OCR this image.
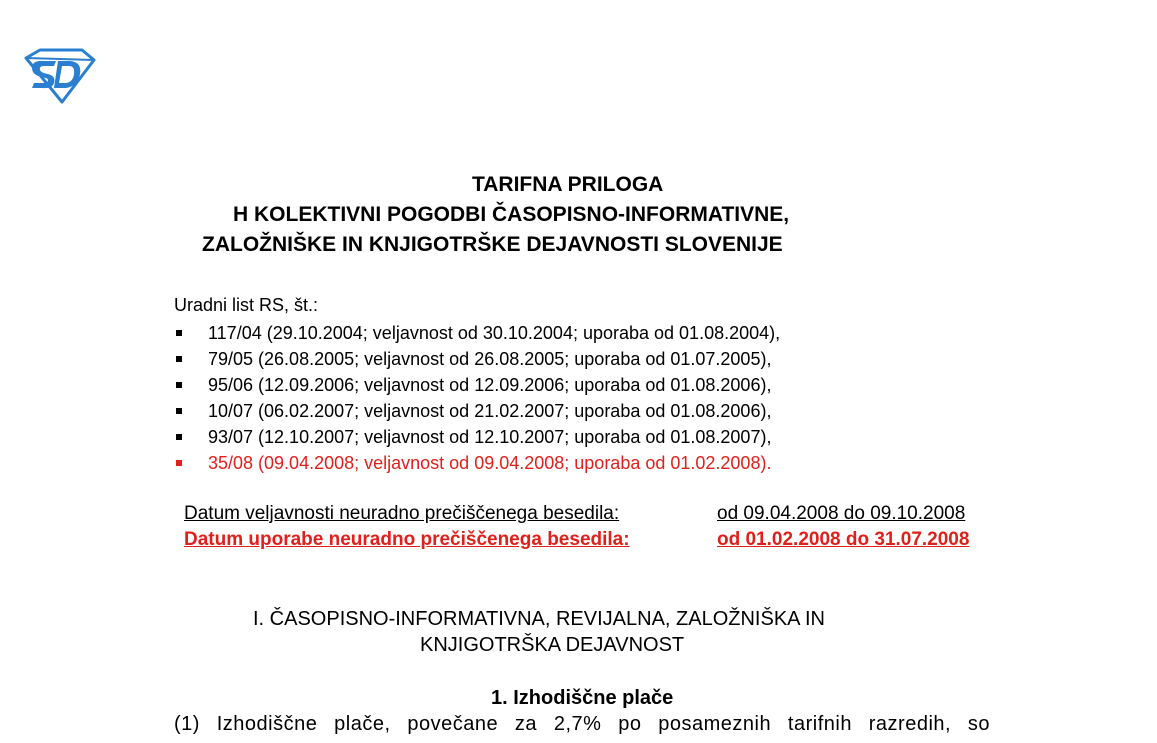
TARIFNA PRILOGA
H KOLEKTIVNI POGODBI ČASOPISNO-INFORMATIVNE,
ZALOŽNIŠKE IN KNJIGOTRŠKE DEJAVNOSTI SLOVENIJE
Uradni list RS, št.:
117/04 (29.10.2004; veljavnost od 30.10.2004; uporaba od 01.08.2004),
79/05 (26.08.2005; veljavnost od 26.08.2005; uporaba od 01.07.2005),
95/06 (12.09.2006; veljavnost od 12.09.2006; uporaba od 01.08.2006),
10/07 (06.02.2007; veljavnost od 21.02.2007; uporaba od 01.08.2006),
93/07 (12.10.2007; veljavnost od 12.10.2007; uporaba od 01.08.2007),
35/08 (09.04.2008; veljavnost od 09.04.2008; uporaba od 01.02.2008).
Datum veljavnosti neuradno prečiščenega besedila:	od 09.04.2008 do 09.10.2008
Datum uporabe neuradno prečiščenega besedila:	od 01.02.2008 do 31.07.2008
I. ČASOPISNO-INFORMATIVNA, REVIJALNA, ZALOŽNIŠKA IN
KNJIGOTRŠKA DEJAVNOST
1. Izhodiščne plače
(1) Izhodiščne plače, povečane za 2,7% po posameznih tarifnih razredih, so
